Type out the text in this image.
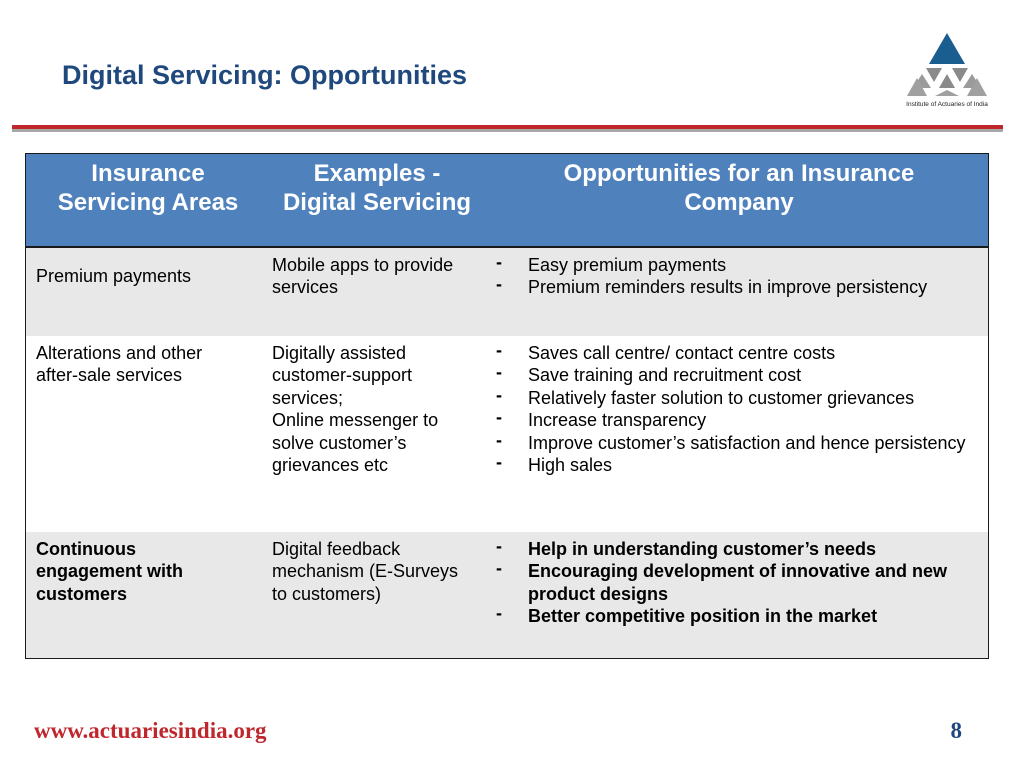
Digital Servicing: Opportunities
Institute of Actuaries of India
Insurance
Servicing Areas
Examples -
Digital Servicing
Opportunities for an Insurance
Company
Premium payments
Mobile apps to provide
services
- Easy premium payments
- Premium reminders results in improve persistency
Alterations and other
after-sale services
Digitally assisted
customer-support
services;
Online messenger to
solve customer’s
grievances etc
- Saves call centre/ contact centre costs
- Save training and recruitment cost
- Relatively faster solution to customer grievances
- Increase transparency
- Improve customer’s satisfaction and hence persistency
- High sales
Continuous
engagement with
customers
Digital feedback
mechanism (E-Surveys
to customers)
- Help in understanding customer’s needs
- Encouraging development of innovative and new product designs
- Better competitive position in the market
www.actuariesindia.org	8
